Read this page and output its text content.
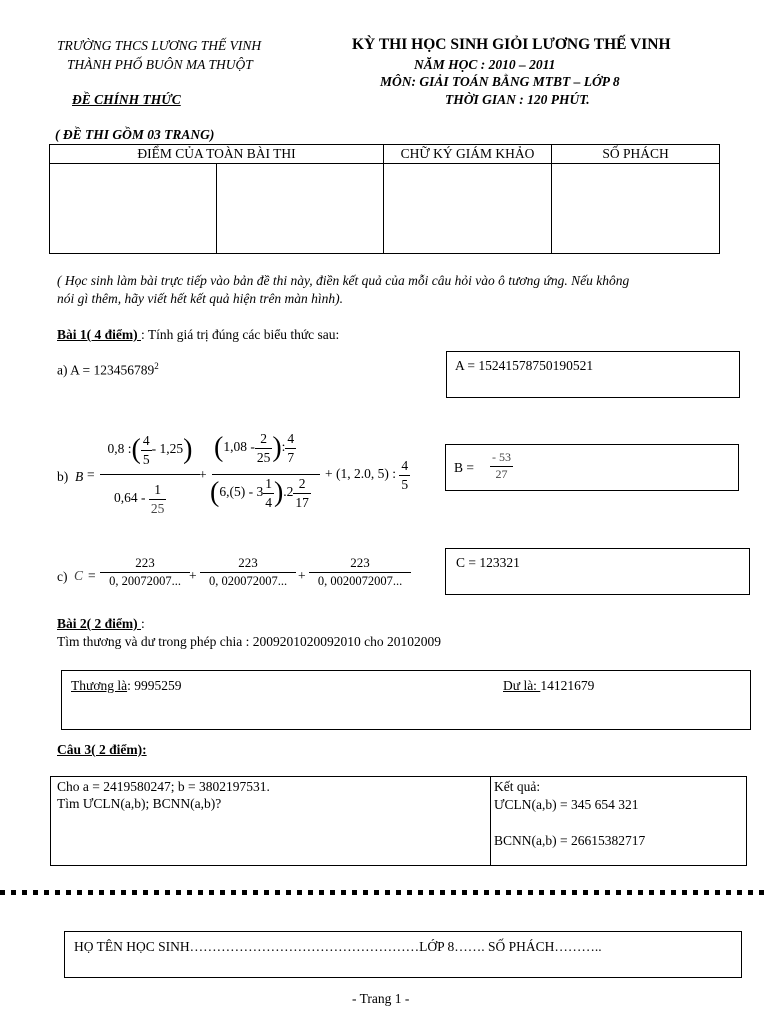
TRƯỜNG THCS LƯƠNG THẾ VINH
THÀNH PHỐ BUÔN MA THUỘT
ĐỀ CHÍNH THỨC
KỲ THI HỌC SINH GIỎI LƯƠNG THẾ VINH
NĂM HỌC : 2010 – 2011
MÔN: GIẢI TOÁN BẰNG MTBT – LỚP 8
THỜI GIAN : 120 PHÚT.
( ĐỀ THI GỒM 03 TRANG)
ĐIỂM CỦA TOÀN BÀI THI		CHỮ KÝ GIÁM KHẢO	SỐ PHÁCH

( Học sinh làm bài trực tiếp vào bản đề thi này, điền kết quả của mỗi câu hỏi vào ô tương ứng. Nếu không
nói gì thêm, hãy viết hết kết quả hiện trên màn hình).
Bài 1( 4 điểm) : Tính giá trị đúng các biểu thức sau:
a) $A = 123456789^2$	A = 15241578750190521
b) B =
0,8 :( $\frac{4}{5} - 1,25$)
$0,64 - \frac{1}{25}$
+
($1,08 - \frac{2}{25}$ ): $\frac{4}{7}$
$(6,(5) - 3 \frac{1}{4} ).2 \frac{2}{17}$
+ (1, 2.0, 5) : $\frac{4}{5}$	$B = \frac{- 53}{27}$
c) $C = \frac{223}{0, 20072007...} + \frac{223}{0, 020072007...} + \frac{223}{0, 0020072007...}$	C = 123321
Bài 2( 2 điểm) :
Tìm thương và dư trong phép chia : 2009201020092010 cho 20102009
Thương là: 9995259	Dư là: 14121679
Câu 3( 2 điểm):
Cho a = 2419580247; b = 3802197531.
Tìm ƯCLN(a,b); BCNN(a,b)?
Kết quả:
ƯCLN(a,b) = 345 654 321
BCNN(a,b) = 26615382717
HỌ TÊN HỌC SINH……………………………………………LỚP 8……. SỐ PHÁCH………..
- Trang 1 -
